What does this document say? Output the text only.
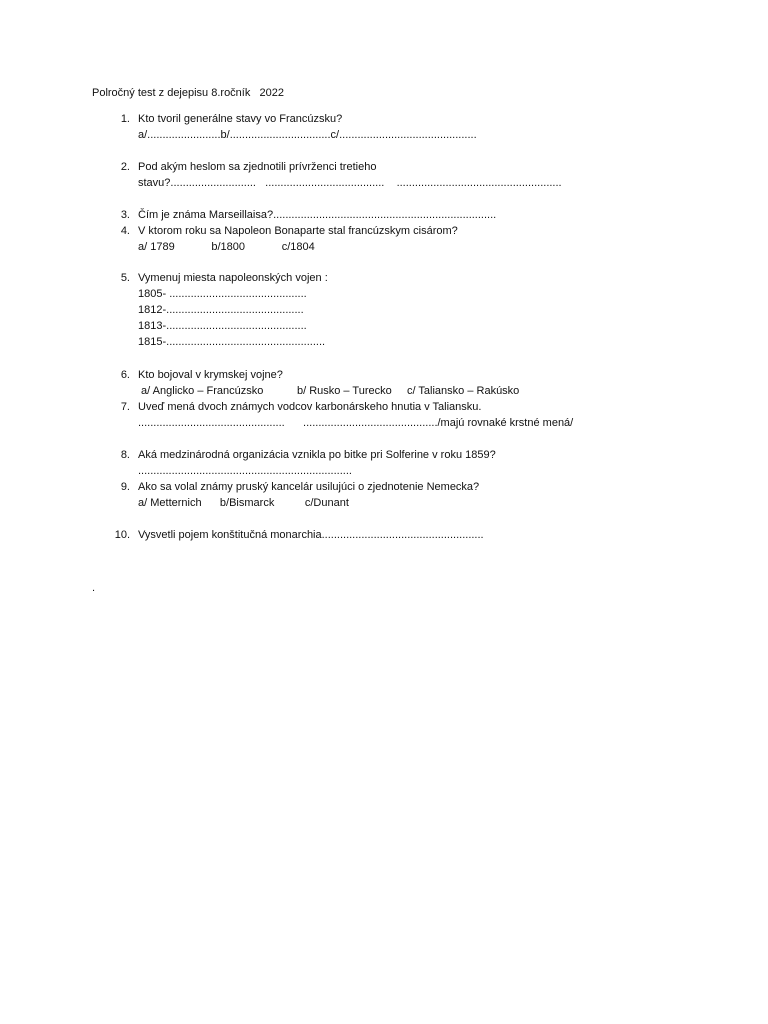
Polročný test z dejepisu 8.ročník   2022
1. Kto tvoril generálne stavy vo Francúzsku?
a/........................b/.................................c/.............................................
2. Pod akým heslom sa zjednotili prívrženci tretieho
stavu?............................   .......................................    ......................................................
3. Čím je známa Marseillaisa?.........................................................................
4. V ktorom roku sa Napoleon Bonaparte stal francúzskym cisárom?
a/ 1789            b/1800            c/1804
5. Vymenuj miesta napoleonských vojen :
1805- .............................................
1812-.............................................
1813-..............................................
1815-....................................................
6. Kto bojoval v krymskej vojne?
a/ Anglicko – Francúzsko           b/ Rusko – Turecko     c/ Taliansko – Rakúsko
7. Uveď mená dvoch známych vodcov karbonárskeho hnutia v Taliansku.
................................................      ............................................/majú rovnaké krstné mená/
8. Aká medzinárodná organizácia vznikla po bitke pri Solferine v roku 1859?
......................................................................
9. Ako sa volal známy pruský kancelár usilujúci o zjednotenie Nemecka?
a/ Metternich      b/Bismarck          c/Dunant
10. Vysvetli pojem konštitučná monarchia.....................................................
.
